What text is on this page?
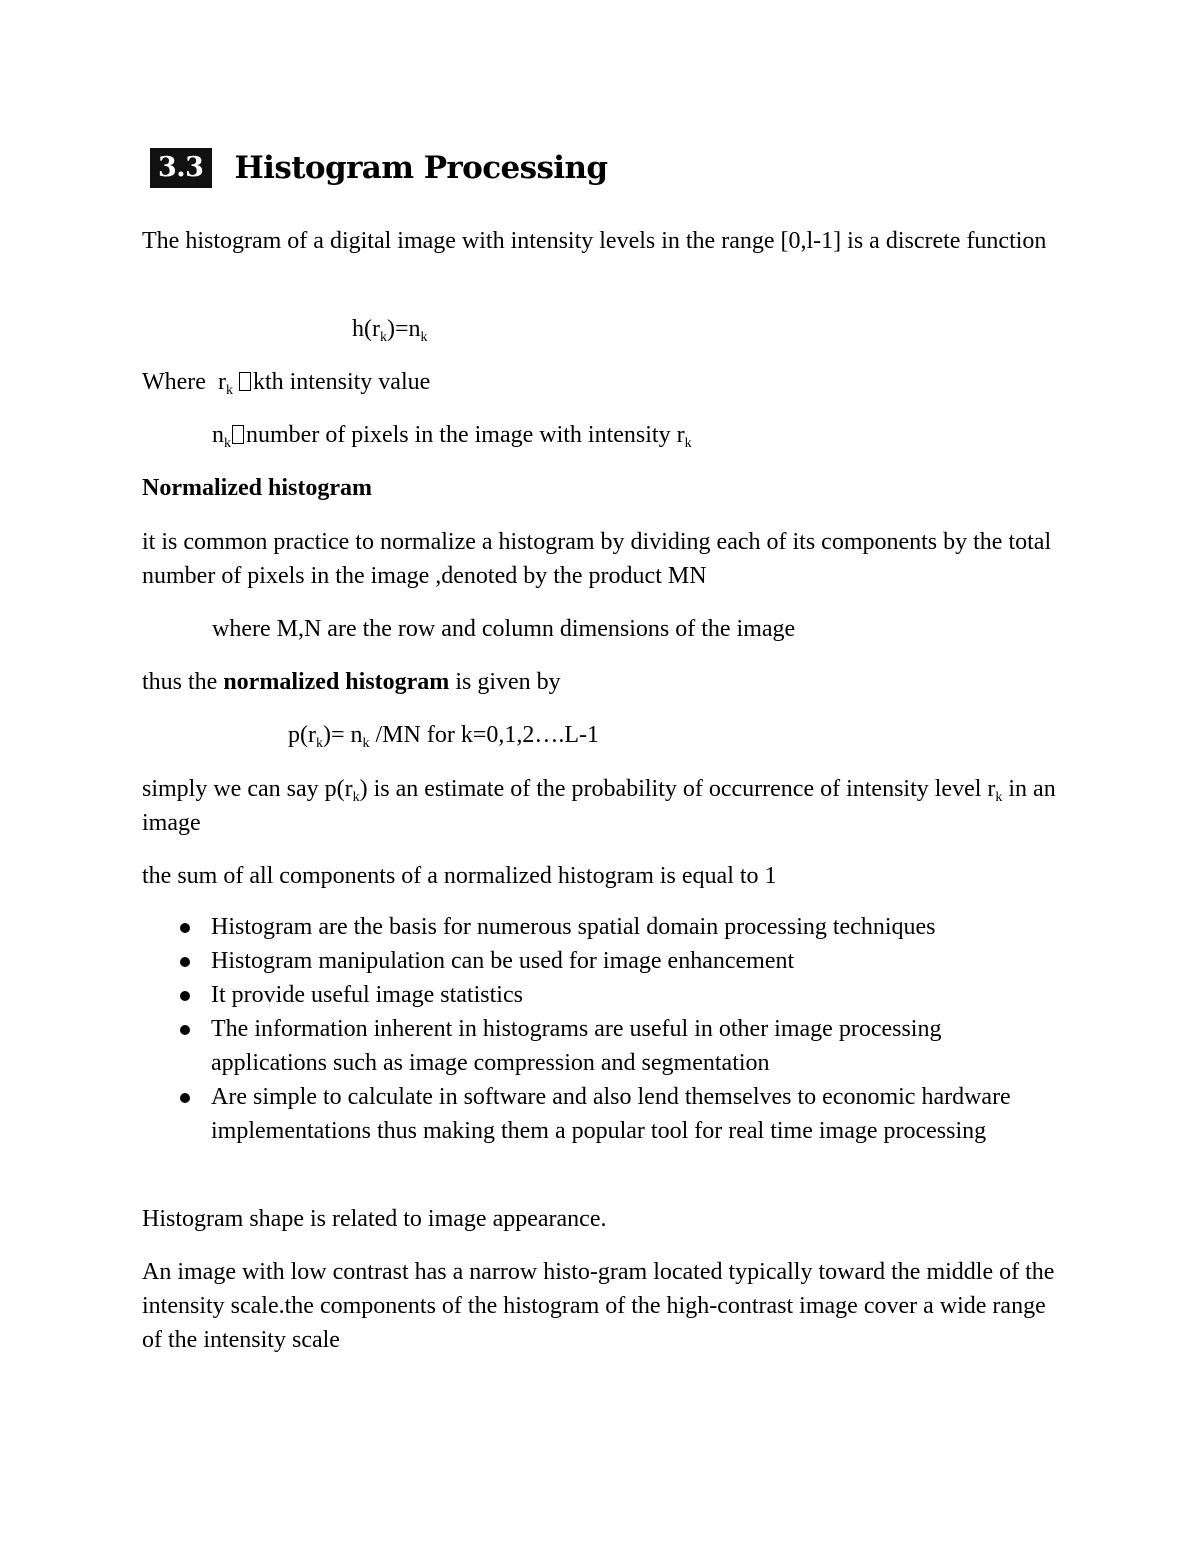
3.3 Histogram Processing
The histogram of a digital image with intensity levels in the range [0,l-1] is a discrete function
$h(r_k)=n_k$
Where  $r_k$ kth intensity value
$n_k$ number of pixels in the image with intensity $r_k$
Normalized histogram
it is common practice to normalize a histogram by dividing each of its components by the total number of pixels in the image ,denoted by the product MN
where M,N are the row and column dimensions of the image
thus the normalized histogram is given by
$p(r_k)= n_k$ /MN for k=0,1,2….L-1
simply we can say $p(r_k)$ is an estimate of the probability of occurrence of intensity level $r_k$ in an image
the sum of all components of a normalized histogram is equal to 1
Histogram are the basis for numerous spatial domain processing techniques
Histogram manipulation can be used for image enhancement
It provide useful image statistics
The information inherent in histograms are useful in other image processing applications such as image compression and segmentation
Are simple to calculate in software and also lend themselves to economic hardware implementations thus making them a popular tool for real time image processing
Histogram shape is related to image appearance.
An image with low contrast has a narrow histo-gram located typically toward the middle of the intensity scale.the components of the histogram of the high-contrast image cover a wide range of the intensity scale
